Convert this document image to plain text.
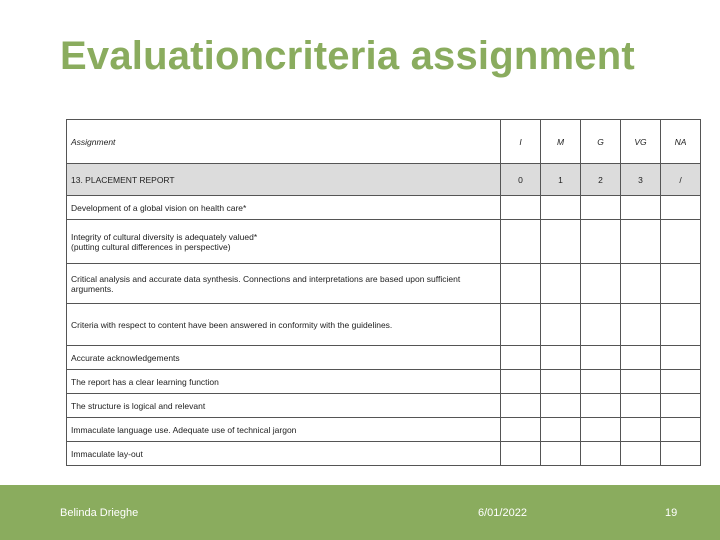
Evaluationcriteria assignment
Assignment	I	M	G	VG	NA
13. PLACEMENT REPORT	0	1	2	3	/
Development of a global vision on health care*					

Integrity of cultural diversity is adequately valued*
(putting cultural differences in perspective)					

Critical analysis and accurate data synthesis. Connections and interpretations are based upon sufficient
arguments.					

Criteria with respect to content have been answered in conformity with the guidelines.					
Accurate acknowledgements					
The report has a clear learning function					
The structure is logical and relevant					
Immaculate language use. Adequate use of technical jargon					
Immaculate lay-out					
Belinda Drieghe	6/01/2022	19
